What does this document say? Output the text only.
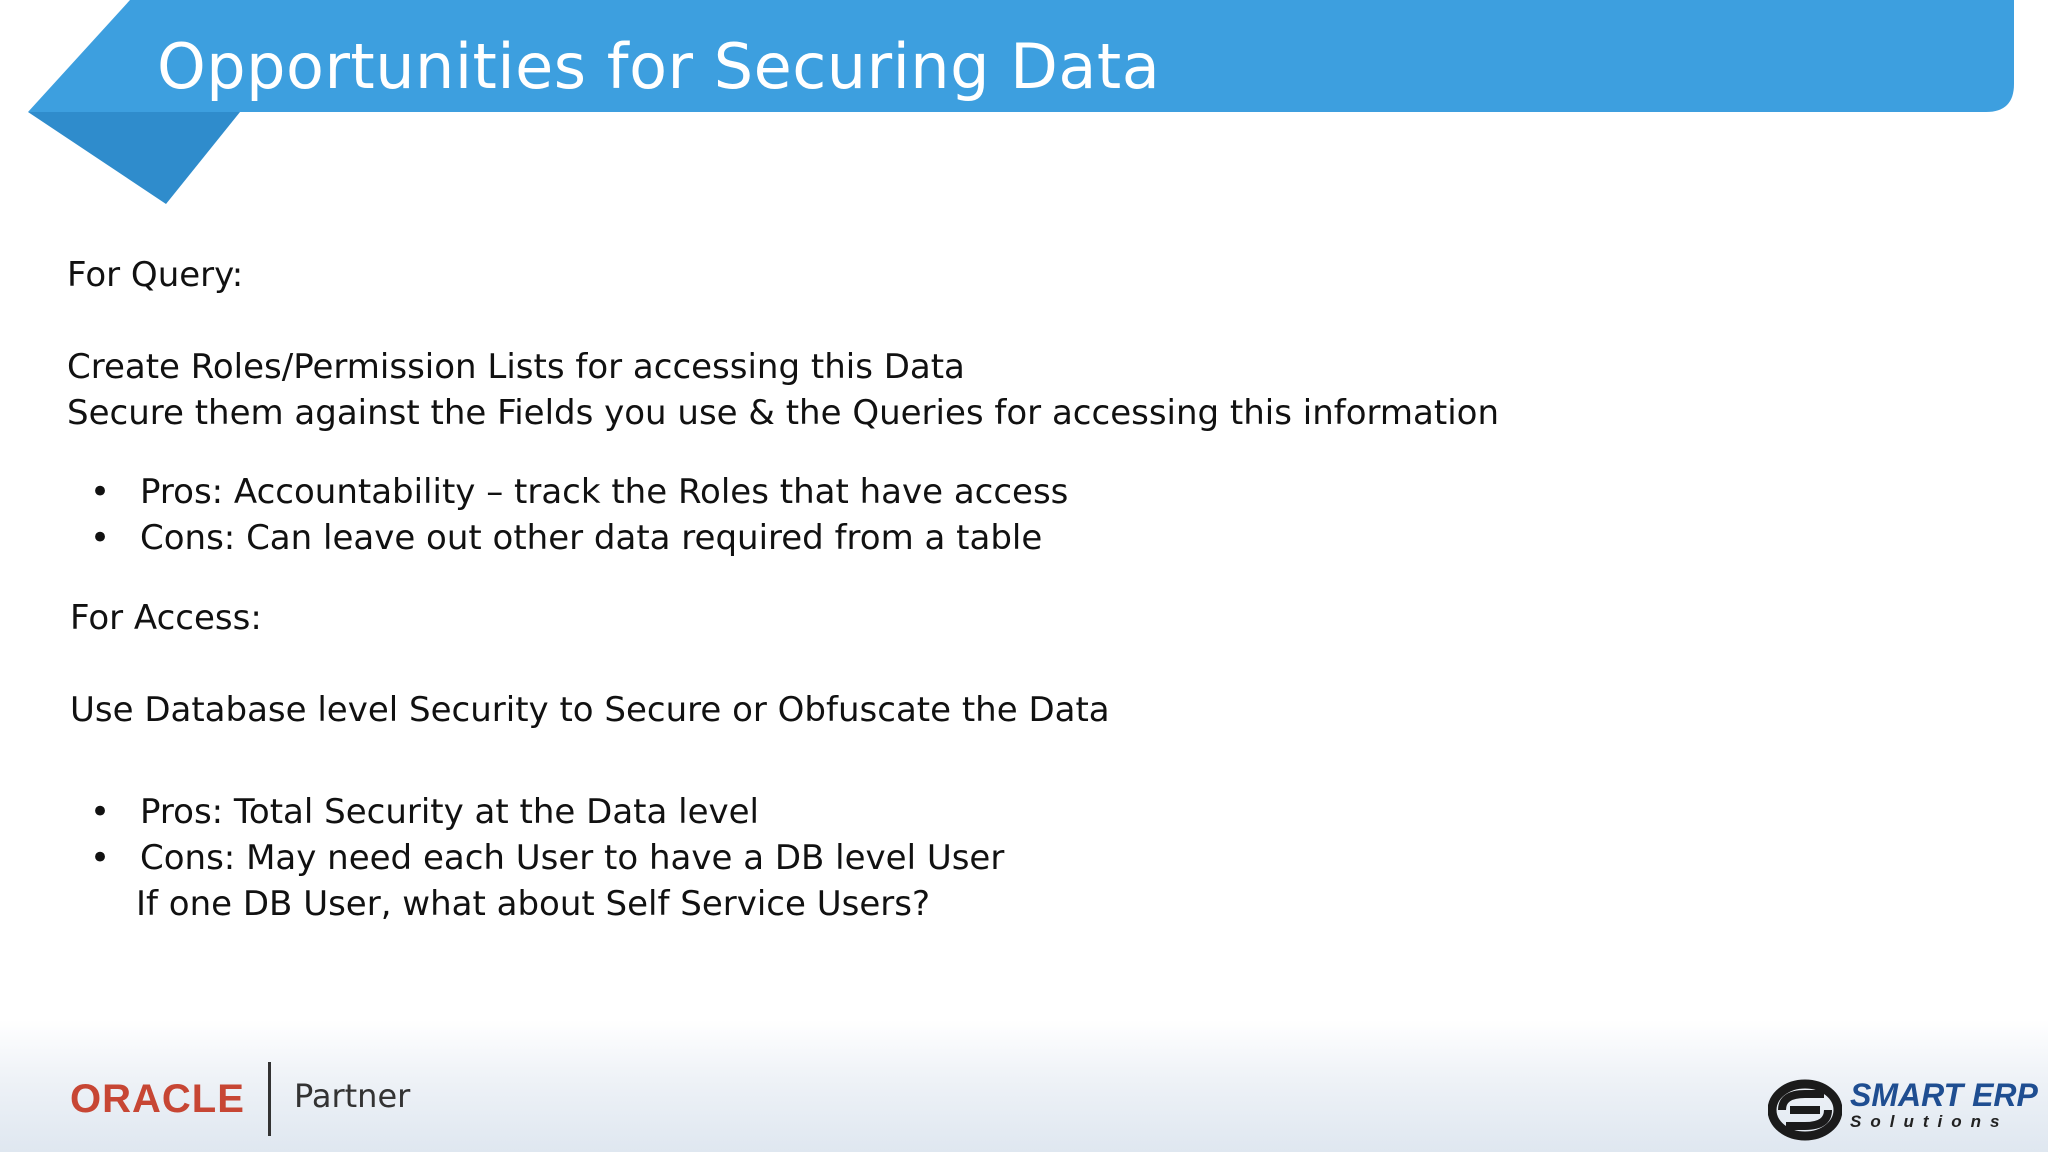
Opportunities for Securing Data
For Query:
Create Roles/Permission Lists for accessing this Data
Secure them against the Fields you use & the Queries for accessing this information
• Pros: Accountability – track the Roles that have access
• Cons: Can leave out other data required from a table
For Access:
Use Database level Security to Secure or Obfuscate the Data
• Pros: Total Security at the Data level
• Cons: May need each User to have a DB level User
If one DB User, what about Self Service Users?
ORACLE Partner	SMART ERP
Solutions
